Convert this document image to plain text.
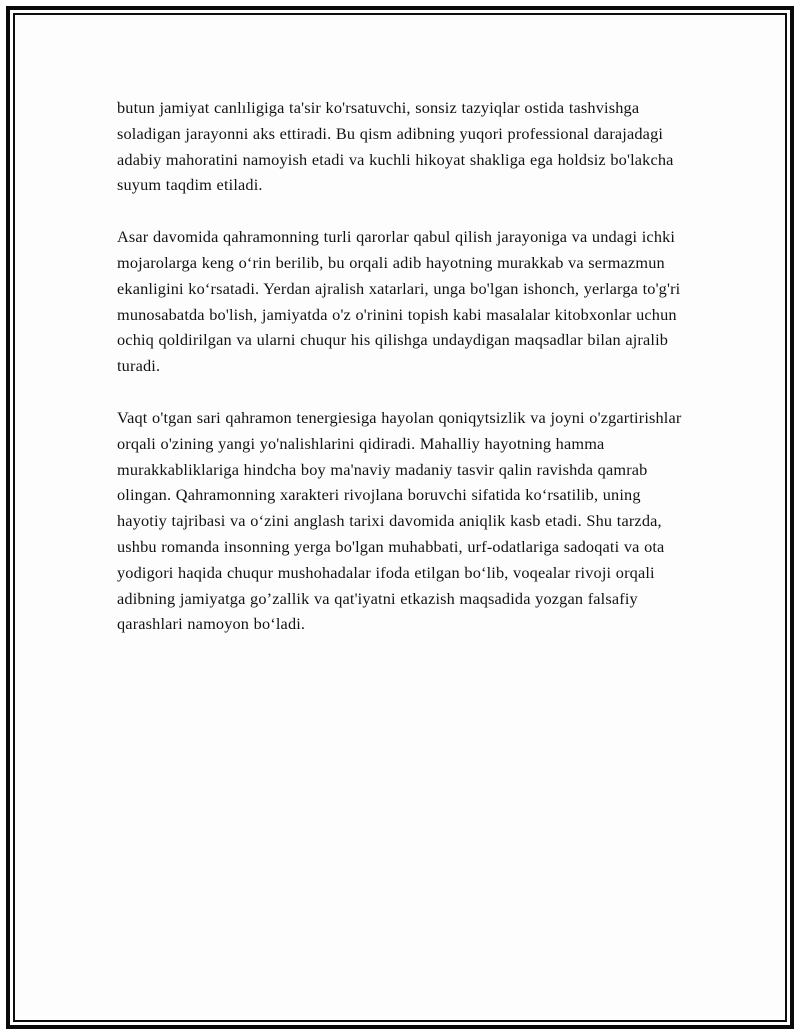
butun jamiyat canlıligiga ta'sir ko'rsatuvchi, sonsiz tazyiqlar ostida tashvishga soladigan jarayonni aks ettiradi. Bu qism adibning yuqori professional darajadagi adabiy mahoratini namoyish etadi va kuchli hikoyat shakliga ega holdsiz bo'lakcha suyum taqdim etiladi.

Asar davomida qahramonning turli qarorlar qabul qilish jarayoniga va undagi ichki mojarolarga keng o‘rin berilib, bu orqali adib hayotning murakkab va sermazmun ekanligini ko‘rsatadi. Yerdan ajralish xatarlari, unga bo'lgan ishonch, yerlarga to'g'ri munosabatda bo'lish, jamiyatda o'z o'rinini topish kabi masalalar kitobxonlar uchun ochiq qoldirilgan va ularni chuqur his qilishga undaydigan maqsadlar bilan ajralib turadi.

Vaqt o'tgan sari qahramon tenergiesiga hayolan qoniqytsizlik va joyni o'zgartirishlar orqali o'zining yangi yo'nalishlarini qidiradi. Mahalliy hayotning hamma murakkabliklariga hindcha boy ma'naviy madaniy tasvir qalin ravishda qamrab olingan. Qahramonning xarakteri rivojlana boruvchi sifatida ko‘rsatilib, uning hayotiy tajribasi va o‘zini anglash tarixi davomida aniqlik kasb etadi. Shu tarzda, ushbu romanda insonning yerga bo'lgan muhabbati, urf-odatlariga sadoqati va ota yodigori haqida chuqur mushohadalar ifoda etilgan bo‘lib, voqealar rivoji orqali adibning jamiyatga go’zallik va qat'iyatni etkazish maqsadida yozgan falsafiy qarashlari namoyon bo‘ladi.
